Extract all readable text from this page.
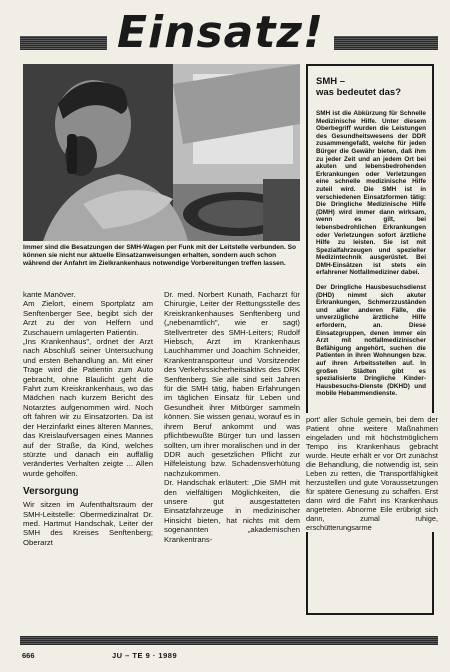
Einsatz!
Immer sind die Besatzungen der SMH-Wagen per Funk mit der Leitstelle verbunden. So können sie nicht nur aktuelle Einsatzanweisungen erhalten, sondern auch schon während der Anfahrt im Zielkrankenhaus notwendige Vorbereitungen treffen lassen.
SMH –
was bedeutet das?

SMH ist die Abkürzung für Schnelle Medizinische Hilfe. Unter diesem Oberbegriff wurden die Leistungen des Gesundheitswesens der DDR zusammengefaßt, welche für jeden Bürger die Gewähr bieten, daß ihm zu jeder Zeit und an jedem Ort bei akuten und lebensbedrohenden Erkrankungen oder Verletzungen eine schnelle medizinische Hilfe zuteil wird. Die SMH ist in verschiedenen Einsatzformen tätig: Die Dringliche Medizinische Hilfe (DMH) wird immer dann wirksam, wenn es gilt, bei lebensbedrohlichen Erkrankungen oder Verletzungen sofort ärztliche Hilfe zu leisten. Sie ist mit Spezialfahrzeugen und spezieller Medizintechnik ausgerüstet. Bei DMH-Einsätzen ist stets ein erfahrener Notfallmediziner dabei.

Der Dringliche Hausbesuchsdienst (DHD) nimmt sich akuter Erkrankungen, Schmerzzuständen und aller anderen Fälle, die unverzügliche ärztliche Hilfe erfordern, an. Diese Einsatzgruppen, denen immer ein Arzt mit notfallmedizinischer Befähigung angehört, suchen die Patienten in ihren Wohnungen bzw. auf ihren Arbeitsstellen auf. In großen Städten gibt es spezialisierte Dringliche Kinder-Hausbesuchs-Dienste (DKHD) und mobile Hebammendienste.

kante Manöver.

Am Zielort, einem Sportplatz am Senftenberger See, begibt sich der Arzt zu der von Helfern und Zuschauern umlagerten Patientin.

„Ins Krankenhaus", ordnet der Arzt nach Abschluß seiner Untersuchung und ersten Behandlung an. Mit einer Trage wird die Patientin zum Auto gebracht, ohne Blaulicht geht die Fahrt zum Kreiskrankenhaus, wo das Mädchen nach kurzem Bericht des Notarztes aufgenommen wird. Noch oft fahren wir zu Einsatzorten. Da ist der Herzinfarkt eines älteren Mannes, das Kreislaufversagen eines Mannes auf der Straße, da Kind, welches stürzte und danach ein auffällig verändertes Verhalten zeigte ... Allen wurde geholfen.

Versorgung

Wir sitzen im Aufenthaltsraum der SMH-Leitstelle: Obermedizinalrat Dr. med. Hartmut Handschak, Leiter der SMH des Kreises Senftenberg; Oberarzt

Dr. med. Norbert Kunath, Facharzt für Chirurgie, Leiter der Rettungsstelle des Kreiskrankenhauses Senftenberg und („nebenamtlich", wie er sagt) Stellvertreter des SMH-Leiters; Rudolf Hiebsch, Arzt im Krankenhaus Lauchhammer und Joachim Schneider, Krankentransporteur und Vorsitzender des Verkehrssicherheitsaktivs des DRK Senftenberg. Sie alle sind seit Jahren für die SMH tätig, haben Erfahrungen im täglichen Einsatz für Leben und Gesundheit ihrer Mitbürger sammeln können. Sie wissen genau, worauf es in ihrem Beruf ankommt und was pflichtbewußte Bürger tun und lassen sollten, um ihrer moralischen und in der DDR auch gesetzlichen Pflicht zur Hilfeleistung bzw. Schadensverhütung nachzukommen.

Dr. Handschak erläutert: „Die SMH mit den vielfältigen Möglichkeiten, die unsere gut ausgestatteten Einsatzfahrzeuge in medizinischer Hinsicht bieten, hat nichts mit dem sogenannten „akademischen Krankentrans-

666	JU – TE 9 · 1989

port' aller Schule gemein, bei dem der Patient ohne weitere Maßnahmen eingeladen und mit höchstmöglichem Tempo ins Krankenhaus gebracht wurde. Heute erhält er vor Ort zunächst die Behandlung, die notwendig ist, sein Leben zu retten, die Transportfähigkeit herzustellen und gute Voraussetzungen für spätere Genesung zu schaffen. Erst dann wird die Fahrt ins Krankenhaus angetreten. Abnorme Eile erübrigt sich dann, zumal ruhige, erschütterungsarme
